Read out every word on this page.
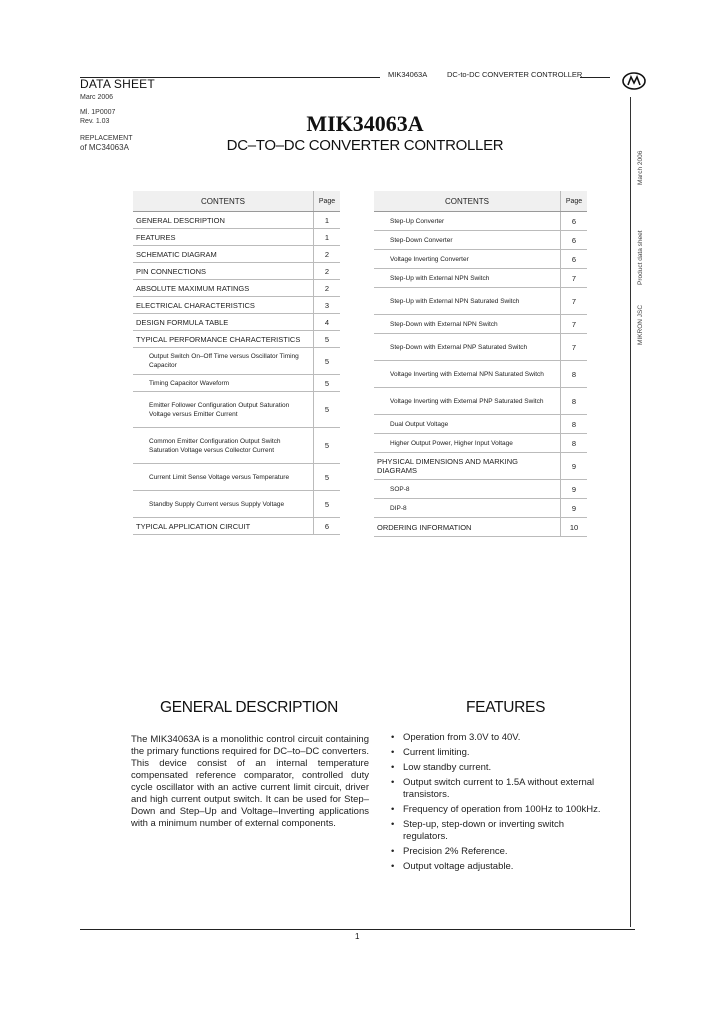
DATA SHEET
Marc 2006
Ml. 1P0007
Rev. 1.03
REPLACEMENT
of MC34063A
MIK34063A	DC-to-DC CONVERTER CONTROLLER
MIKRON JSC
Product data sheet
March 2006
MIK34063A
DC–TO–DC CONVERTER CONTROLLER
CONTENTS	Page
GENERAL DESCRIPTION	1
FEATURES	1
SCHEMATIC DIAGRAM	2
PIN CONNECTIONS	2
ABSOLUTE MAXIMUM RATINGS	2
ELECTRICAL CHARACTERISTICS	3
DESIGN FORMULA TABLE	4
TYPICAL PERFORMANCE CHARACTERISTICS	5
Output Switch On–Off Time versus Oscillator Timing Capacitor	5
Timing Capacitor Waveform	5
Emitter Follower Configuration Output Saturation Voltage versus Emitter Current	5
Common Emitter Configuration Output Switch Saturation Voltage versus Collector Current	5
Current Limit Sense Voltage versus Temperature	5
Standby Supply Current versus Supply Voltage	5
TYPICAL APPLICATION CIRCUIT	6
CONTENTS	Page
Step-Up Converter	6
Step-Down Converter	6
Voltage Inverting Converter	6
Step-Up with External NPN Switch	7
Step-Up with External NPN Saturated Switch	7
Step-Down with External NPN Switch	7
Step-Down with External PNP Saturated Switch	7
Voltage Inverting with External NPN Saturated Switch	8
Voltage Inverting with External PNP Saturated Switch	8
Dual Output Voltage	8
Higher Output Power, Higher Input Voltage	8
PHYSICAL DIMENSIONS AND MARKING DIAGRAMS	9
SOP-8	9
DIP-8	9
ORDERING INFORMATION	10
GENERAL DESCRIPTION
The MIK34063A is a monolithic control circuit containing the primary functions required for DC–to–DC converters. This device consist of an internal temperature compensated reference comparator, controlled duty cycle oscillator with an active current limit circuit, driver and high current output switch. It can be used for Step–Down and Step–Up and Voltage–Inverting applications with a minimum number of external components.
FEATURES
• Operation from 3.0V to 40V.
• Current limiting.
• Low standby current.
• Output switch current to 1.5A without external transistors.
• Frequency of operation from 100Hz to 100kHz.
• Step-up, step-down or inverting switch regulators.
• Precision 2% Reference.
• Output voltage adjustable.
1
